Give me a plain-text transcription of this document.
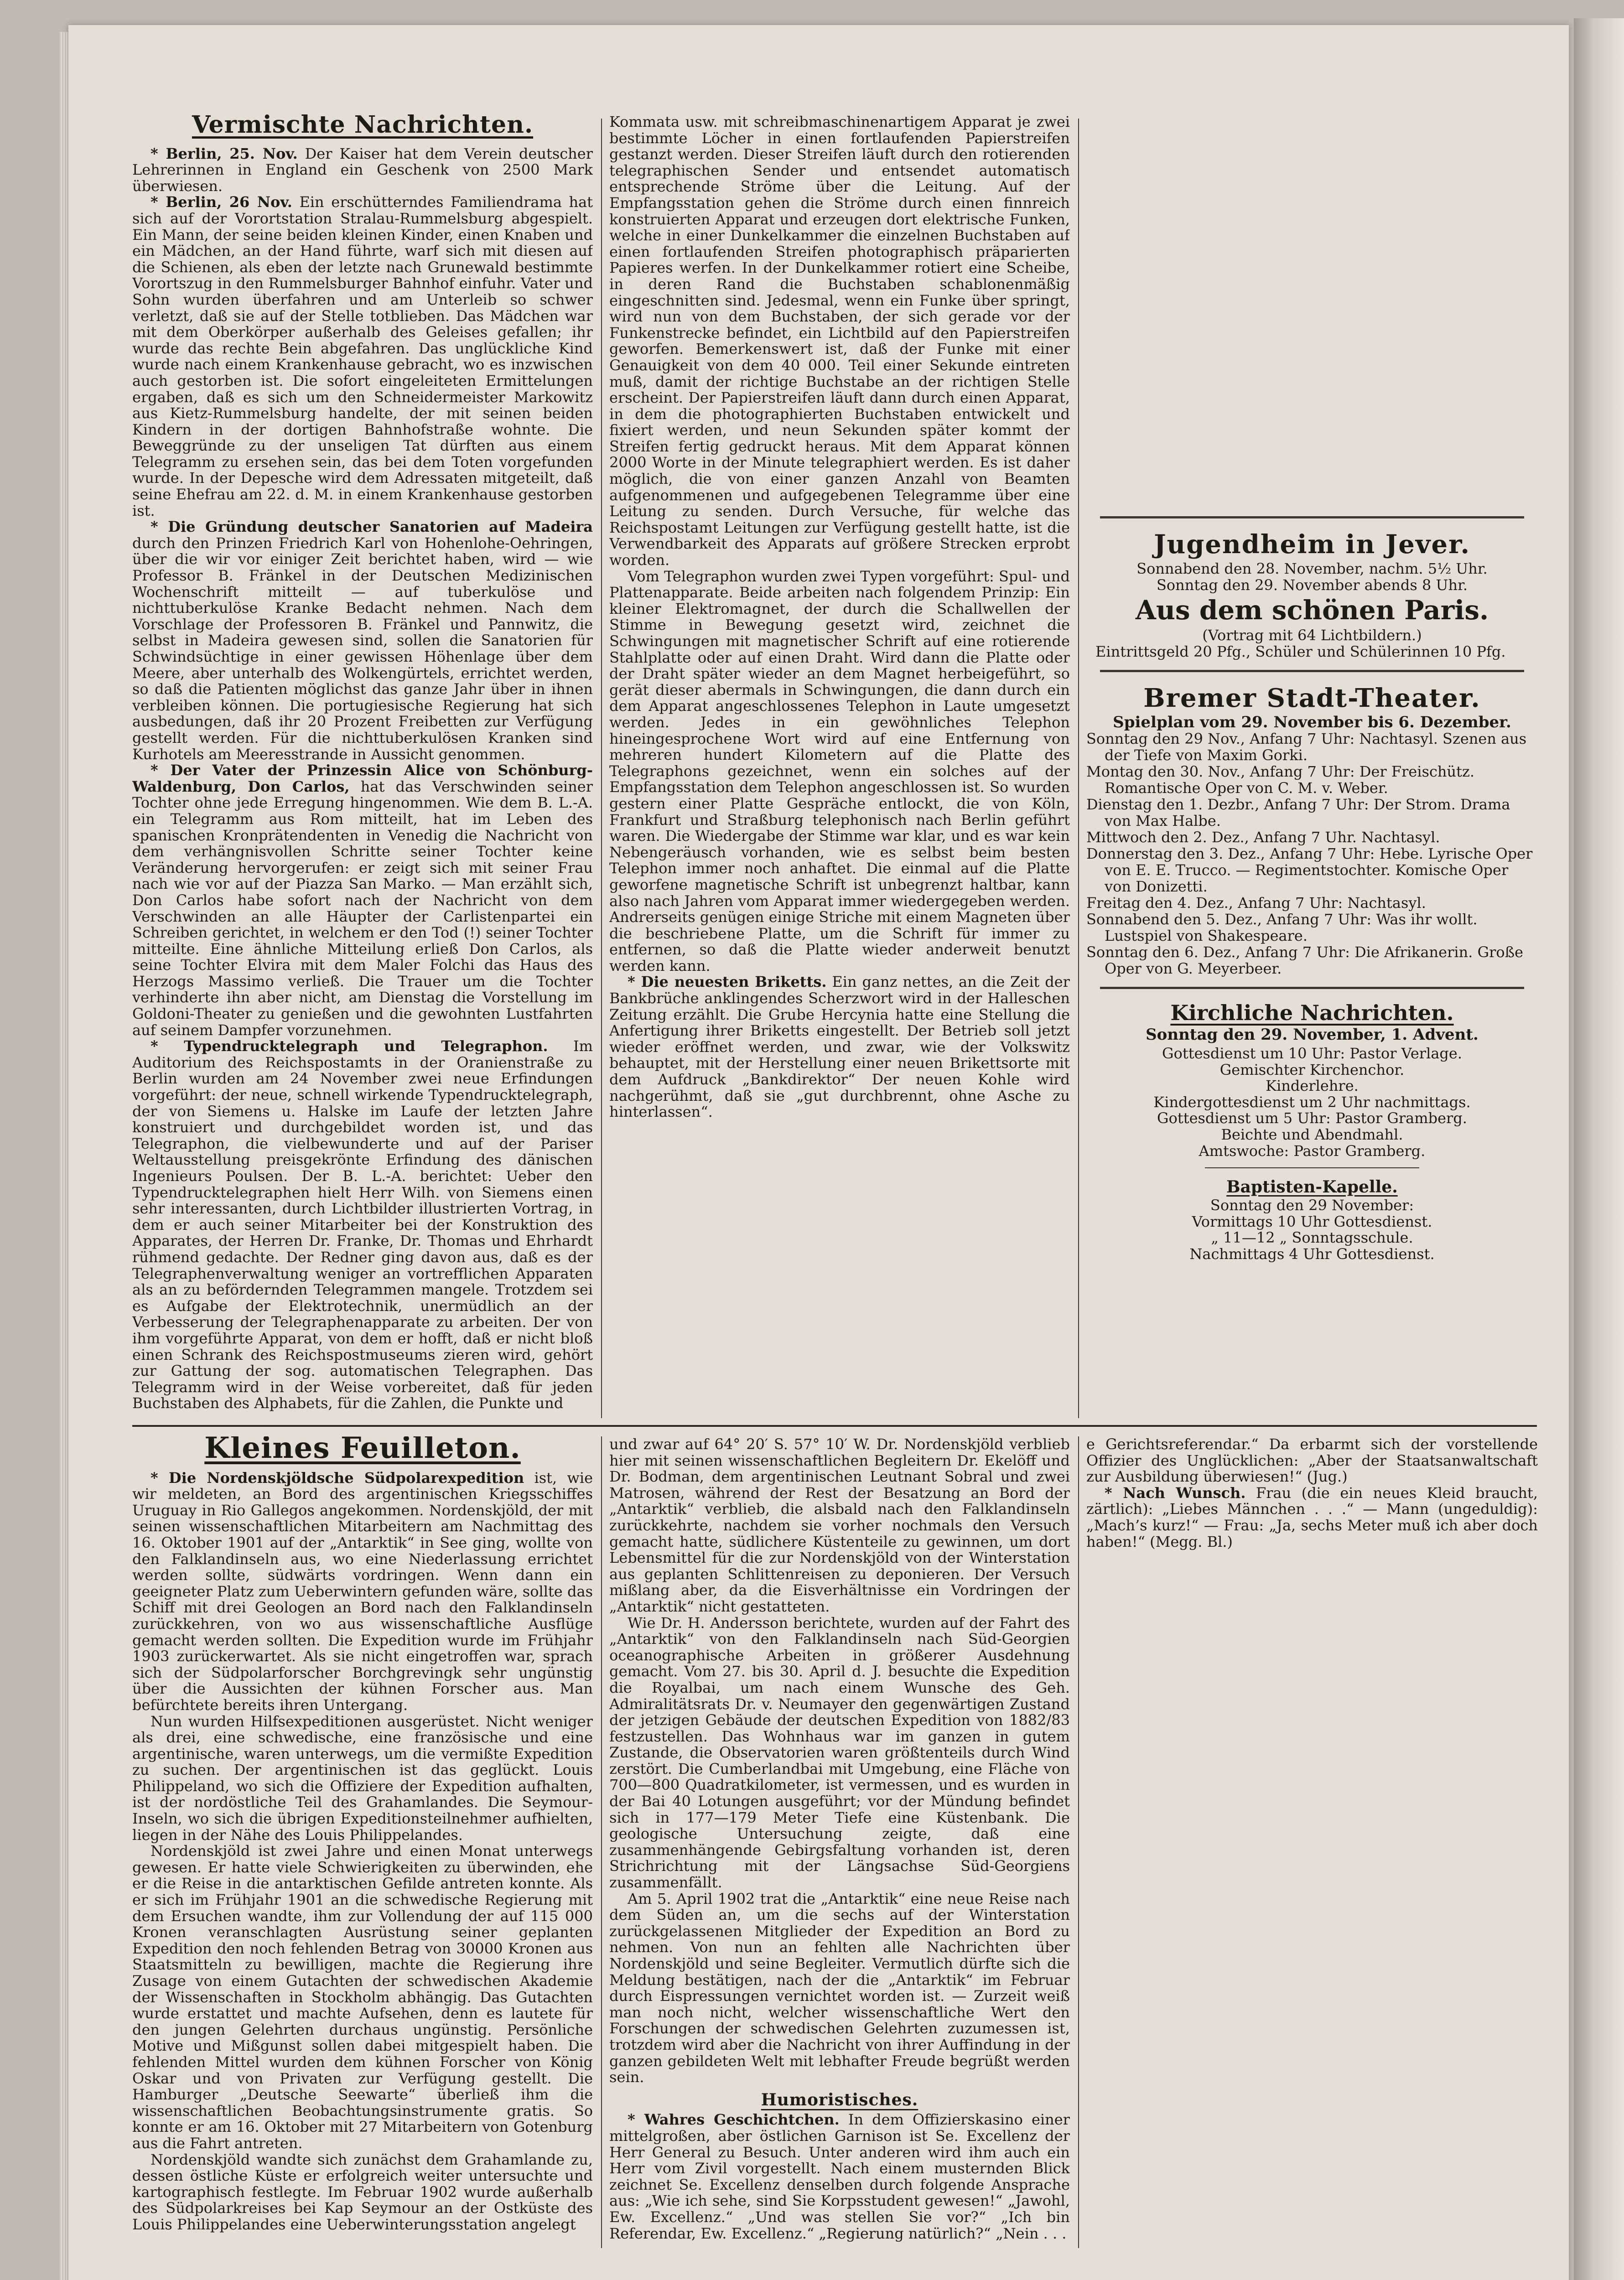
Vermischte Nachrichten.

* Berlin, 25. Nov. Der Kaiser hat dem Verein deutscher Lehrerinnen in England ein Geschenk von 2500 Mark überwiesen.

* Berlin, 26 Nov. Ein erschütterndes Familiendrama hat sich auf der Vorortstation Stralau-Rummelsburg abgespielt. Ein Mann, der seine beiden kleinen Kinder, einen Knaben und ein Mädchen, an der Hand führte, warf sich mit diesen auf die Schienen, als eben der letzte nach Grunewald bestimmte Vorortszug in den Rummelsburger Bahnhof einfuhr. Vater und Sohn wurden überfahren und am Unterleib so schwer verletzt, daß sie auf der Stelle totblieben. Das Mädchen war mit dem Oberkörper außerhalb des Geleises gefallen; ihr wurde das rechte Bein abgefahren. Das unglückliche Kind wurde nach einem Krankenhause gebracht, wo es inzwischen auch gestorben ist. Die sofort eingeleiteten Ermittelungen ergaben, daß es sich um den Schneidermeister Markowitz aus Kietz-Rummelsburg handelte, der mit seinen beiden Kindern in der dortigen Bahnhofstraße wohnte. Die Beweggründe zu der unseligen Tat dürften aus einem Telegramm zu ersehen sein, das bei dem Toten vorgefunden wurde. In der Depesche wird dem Adressaten mitgeteilt, daß seine Ehefrau am 22. d. M. in einem Krankenhause gestorben ist.

* Die Gründung deutscher Sanatorien auf Madeira durch den Prinzen Friedrich Karl von Hohenlohe-Oehringen, über die wir vor einiger Zeit berichtet haben, wird — wie Professor B. Fränkel in der Deutschen Medizinischen Wochenschrift mitteilt — auf tuberkulöse und nichttuberkulöse Kranke Bedacht nehmen. Nach dem Vorschlage der Professoren B. Fränkel und Pannwitz, die selbst in Madeira gewesen sind, sollen die Sanatorien für Schwindsüchtige in einer gewissen Höhenlage über dem Meere, aber unterhalb des Wolkengürtels, errichtet werden, so daß die Patienten möglichst das ganze Jahr über in ihnen verbleiben können. Die portugiesische Regierung hat sich ausbedungen, daß ihr 20 Prozent Freibetten zur Verfügung gestellt werden. Für die nichttuberkulösen Kranken sind Kurhotels am Meeresstrande in Aussicht genommen.

* Der Vater der Prinzessin Alice von Schönburg-Waldenburg, Don Carlos, hat das Verschwinden seiner Tochter ohne jede Erregung hingenommen. Wie dem B. L.-A. ein Telegramm aus Rom mitteilt, hat im Leben des spanischen Kronprätendenten in Venedig die Nachricht von dem verhängnisvollen Schritte seiner Tochter keine Veränderung hervorgerufen: er zeigt sich mit seiner Frau nach wie vor auf der Piazza San Marko. — Man erzählt sich, Don Carlos habe sofort nach der Nachricht von dem Verschwinden an alle Häupter der Carlistenpartei ein Schreiben gerichtet, in welchem er den Tod (!) seiner Tochter mitteilte. Eine ähnliche Mitteilung erließ Don Carlos, als seine Tochter Elvira mit dem Maler Folchi das Haus des Herzogs Massimo verließ. Die Trauer um die Tochter verhinderte ihn aber nicht, am Dienstag die Vorstellung im Goldoni-Theater zu genießen und die gewohnten Lustfahrten auf seinem Dampfer vorzunehmen.

* Typendrucktelegraph und Telegraphon. Im Auditorium des Reichspostamts in der Oranienstraße zu Berlin wurden am 24 November zwei neue Erfindungen vorgeführt: der neue, schnell wirkende Typendrucktelegraph, der von Siemens u. Halske im Laufe der letzten Jahre konstruiert und durchgebildet worden ist, und das Telegraphon, die vielbewunderte und auf der Pariser Weltausstellung preisgekrönte Erfindung des dänischen Ingenieurs Poulsen. Der B. L.-A. berichtet: Ueber den Typendrucktelegraphen hielt Herr Wilh. von Siemens einen sehr interessanten, durch Lichtbilder illustrierten Vortrag, in dem er auch seiner Mitarbeiter bei der Konstruktion des Apparates, der Herren Dr. Franke, Dr. Thomas und Ehrhardt rühmend gedachte. Der Redner ging davon aus, daß es der Telegraphenverwaltung weniger an vortrefflichen Apparaten als an zu befördernden Telegrammen mangele. Trotzdem sei es Aufgabe der Elektrotechnik, unermüdlich an der Verbesserung der Telegraphenapparate zu arbeiten. Der von ihm vorgeführte Apparat, von dem er hofft, daß er nicht bloß einen Schrank des Reichspostmuseums zieren wird, gehört zur Gattung der sog. automatischen Telegraphen. Das Telegramm wird in der Weise vorbereitet, daß für jeden Buchstaben des Alphabets, für die Zahlen, die Punkte und

Kommata usw. mit schreibmaschinenartigem Apparat je zwei bestimmte Löcher in einen fortlaufenden Papierstreifen gestanzt werden. Dieser Streifen läuft durch den rotierenden telegraphischen Sender und entsendet automatisch entsprechende Ströme über die Leitung. Auf der Empfangsstation gehen die Ströme durch einen finnreich konstruierten Apparat und erzeugen dort elektrische Funken, welche in einer Dunkelkammer die einzelnen Buchstaben auf einen fortlaufenden Streifen photographisch präparierten Papieres werfen. In der Dunkelkammer rotiert eine Scheibe, in deren Rand die Buchstaben schablonenmäßig eingeschnitten sind. Jedesmal, wenn ein Funke über springt, wird nun von dem Buchstaben, der sich gerade vor der Funkenstrecke befindet, ein Lichtbild auf den Papierstreifen geworfen. Bemerkenswert ist, daß der Funke mit einer Genauigkeit von dem 40 000. Teil einer Sekunde eintreten muß, damit der richtige Buchstabe an der richtigen Stelle erscheint. Der Papierstreifen läuft dann durch einen Apparat, in dem die photographierten Buchstaben entwickelt und fixiert werden, und neun Sekunden später kommt der Streifen fertig gedruckt heraus. Mit dem Apparat können 2000 Worte in der Minute telegraphiert werden. Es ist daher möglich, die von einer ganzen Anzahl von Beamten aufgenommenen und aufgegebenen Telegramme über eine Leitung zu senden. Durch Versuche, für welche das Reichspostamt Leitungen zur Verfügung gestellt hatte, ist die Verwendbarkeit des Apparats auf größere Strecken erprobt worden.

Vom Telegraphon wurden zwei Typen vorgeführt: Spul- und Plattenapparate. Beide arbeiten nach folgendem Prinzip: Ein kleiner Elektromagnet, der durch die Schallwellen der Stimme in Bewegung gesetzt wird, zeichnet die Schwingungen mit magnetischer Schrift auf eine rotierende Stahlplatte oder auf einen Draht. Wird dann die Platte oder der Draht später wieder an dem Magnet herbeigeführt, so gerät dieser abermals in Schwingungen, die dann durch ein dem Apparat angeschlossenes Telephon in Laute umgesetzt werden. Jedes in ein gewöhnliches Telephon hineingesprochene Wort wird auf eine Entfernung von mehreren hundert Kilometern auf die Platte des Telegraphons gezeichnet, wenn ein solches auf der Empfangsstation dem Telephon angeschlossen ist. So wurden gestern einer Platte Gespräche entlockt, die von Köln, Frankfurt und Straßburg telephonisch nach Berlin geführt waren. Die Wiedergabe der Stimme war klar, und es war kein Nebengeräusch vorhanden, wie es selbst beim besten Telephon immer noch anhaftet. Die einmal auf die Platte geworfene magnetische Schrift ist unbegrenzt haltbar, kann also nach Jahren vom Apparat immer wiedergegeben werden. Andrerseits genügen einige Striche mit einem Magneten über die beschriebene Platte, um die Schrift für immer zu entfernen, so daß die Platte wieder anderweit benutzt werden kann.

* Die neuesten Briketts. Ein ganz nettes, an die Zeit der Bankbrüche anklingendes Scherzwort wird in der Halleschen Zeitung erzählt. Die Grube Hercynia hatte eine Stellung die Anfertigung ihrer Briketts eingestellt. Der Betrieb soll jetzt wieder eröffnet werden, und zwar, wie der Volkswitz behauptet, mit der Herstellung einer neuen Brikettsorte mit dem Aufdruck „Bankdirektor“ Der neuen Kohle wird nachgerühmt, daß sie „gut durchbrennt, ohne Asche zu hinterlassen“.

Jugendheim in Jever.
Sonnabend den 28. November, nachm. 5½ Uhr.
Sonntag den 29. November abends 8 Uhr.
Aus dem schönen Paris.
(Vortrag mit 64 Lichtbildern.)
Eintrittsgeld 20 Pfg., Schüler und Schülerinnen 10 Pfg.
Bremer Stadt-Theater.
Spielplan vom 29. November bis 6. Dezember.
Sonntag den 29 Nov., Anfang 7 Uhr: Nachtasyl. Szenen aus der Tiefe von Maxim Gorki.
Montag den 30. Nov., Anfang 7 Uhr: Der Freischütz. Romantische Oper von C. M. v. Weber.
Dienstag den 1. Dezbr., Anfang 7 Uhr: Der Strom. Drama von Max Halbe.
Mittwoch den 2. Dez., Anfang 7 Uhr. Nachtasyl.
Donnerstag den 3. Dez., Anfang 7 Uhr: Hebe. Lyrische Oper von E. E. Trucco. — Regimentstochter. Komische Oper von Donizetti.
Freitag den 4. Dez., Anfang 7 Uhr: Nachtasyl.
Sonnabend den 5. Dez., Anfang 7 Uhr: Was ihr wollt. Lustspiel von Shakespeare.
Sonntag den 6. Dez., Anfang 7 Uhr: Die Afrikanerin. Große Oper von G. Meyerbeer.
Kirchliche Nachrichten.
Sonntag den 29. November, 1. Advent.
Gottesdienst um 10 Uhr: Pastor Verlage.
Gemischter Kirchenchor.
Kinderlehre.
Kindergottesdienst um 2 Uhr nachmittags.
Gottesdienst um 5 Uhr: Pastor Gramberg.
Beichte und Abendmahl.
Amtswoche: Pastor Gramberg.
Baptisten-Kapelle.
Sonntag den 29 November:
Vormittags 10 Uhr Gottesdienst.
„ 11—12 „ Sonntagsschule.
Nachmittags 4 Uhr Gottesdienst.
Kleines Feuilleton.

* Die Nordenskjöldsche Südpolarexpedition ist, wie wir meldeten, an Bord des argentinischen Kriegsschiffes Uruguay in Rio Gallegos angekommen. Nordenskjöld, der mit seinen wissenschaftlichen Mitarbeitern am Nachmittag des 16. Oktober 1901 auf der „Antarktik“ in See ging, wollte von den Falklandinseln aus, wo eine Niederlassung errichtet werden sollte, südwärts vordringen. Wenn dann ein geeigneter Platz zum Ueberwintern gefunden wäre, sollte das Schiff mit drei Geologen an Bord nach den Falklandinseln zurückkehren, von wo aus wissenschaftliche Ausflüge gemacht werden sollten. Die Expedition wurde im Frühjahr 1903 zurückerwartet. Als sie nicht eingetroffen war, sprach sich der Südpolarforscher Borchgrevingk sehr ungünstig über die Aussichten der kühnen Forscher aus. Man befürchtete bereits ihren Untergang.

Nun wurden Hilfsexpeditionen ausgerüstet. Nicht weniger als drei, eine schwedische, eine französische und eine argentinische, waren unterwegs, um die vermißte Expedition zu suchen. Der argentinischen ist das geglückt. Louis Philippeland, wo sich die Offiziere der Expedition aufhalten, ist der nordöstliche Teil des Grahamlandes. Die Seymour-Inseln, wo sich die übrigen Expeditionsteilnehmer aufhielten, liegen in der Nähe des Louis Philippelandes.

Nordenskjöld ist zwei Jahre und einen Monat unterwegs gewesen. Er hatte viele Schwierigkeiten zu überwinden, ehe er die Reise in die antarktischen Gefilde antreten konnte. Als er sich im Frühjahr 1901 an die schwedische Regierung mit dem Ersuchen wandte, ihm zur Vollendung der auf 115 000 Kronen veranschlagten Ausrüstung seiner geplanten Expedition den noch fehlenden Betrag von 30000 Kronen aus Staatsmitteln zu bewilligen, machte die Regierung ihre Zusage von einem Gutachten der schwedischen Akademie der Wissenschaften in Stockholm abhängig. Das Gutachten wurde erstattet und machte Aufsehen, denn es lautete für den jungen Gelehrten durchaus ungünstig. Persönliche Motive und Mißgunst sollen dabei mitgespielt haben. Die fehlenden Mittel wurden dem kühnen Forscher von König Oskar und von Privaten zur Verfügung gestellt. Die Hamburger „Deutsche Seewarte“ überließ ihm die wissenschaftlichen Beobachtungsinstrumente gratis. So konnte er am 16. Oktober mit 27 Mitarbeitern von Gotenburg aus die Fahrt antreten.

Nordenskjöld wandte sich zunächst dem Grahamlande zu, dessen östliche Küste er erfolgreich weiter untersuchte und kartographisch festlegte. Im Februar 1902 wurde außerhalb des Südpolarkreises bei Kap Seymour an der Ostküste des Louis Philippelandes eine Ueberwinterungsstation angelegt

und zwar auf 64° 20′ S. 57° 10′ W. Dr. Nordenskjöld verblieb hier mit seinen wissenschaftlichen Begleitern Dr. Ekelöff und Dr. Bodman, dem argentinischen Leutnant Sobral und zwei Matrosen, während der Rest der Besatzung an Bord der „Antarktik“ verblieb, die alsbald nach den Falklandinseln zurückkehrte, nachdem sie vorher nochmals den Versuch gemacht hatte, südlichere Küstenteile zu gewinnen, um dort Lebensmittel für die zur Nordenskjöld von der Winterstation aus geplanten Schlittenreisen zu deponieren. Der Versuch mißlang aber, da die Eisverhältnisse ein Vordringen der „Antarktik“ nicht gestatteten.

Wie Dr. H. Andersson berichtete, wurden auf der Fahrt des „Antarktik“ von den Falklandinseln nach Süd-Georgien oceanographische Arbeiten in größerer Ausdehnung gemacht. Vom 27. bis 30. April d. J. besuchte die Expedition die Royalbai, um nach einem Wunsche des Geh. Admiralitätsrats Dr. v. Neumayer den gegenwärtigen Zustand der jetzigen Gebäude der deutschen Expedition von 1882/83 festzustellen. Das Wohnhaus war im ganzen in gutem Zustande, die Observatorien waren größtenteils durch Wind zerstört. Die Cumberlandbai mit Umgebung, eine Fläche von 700—800 Quadratkilometer, ist vermessen, und es wurden in der Bai 40 Lotungen ausgeführt; vor der Mündung befindet sich in 177—179 Meter Tiefe eine Küstenbank. Die geologische Untersuchung zeigte, daß eine zusammenhängende Gebirgsfaltung vorhanden ist, deren Strichrichtung mit der Längsachse Süd-Georgiens zusammenfällt.

Am 5. April 1902 trat die „Antarktik“ eine neue Reise nach dem Süden an, um die sechs auf der Winterstation zurückgelassenen Mitglieder der Expedition an Bord zu nehmen. Von nun an fehlten alle Nachrichten über Nordenskjöld und seine Begleiter. Vermutlich dürfte sich die Meldung bestätigen, nach der die „Antarktik“ im Februar durch Eispressungen vernichtet worden ist. — Zurzeit weiß man noch nicht, welcher wissenschaftliche Wert den Forschungen der schwedischen Gelehrten zuzumessen ist, trotzdem wird aber die Nachricht von ihrer Auffindung in der ganzen gebildeten Welt mit lebhafter Freude begrüßt werden sein.

Humoristisches.

* Wahres Geschichtchen. In dem Offizierskasino einer mittelgroßen, aber östlichen Garnison ist Se. Excellenz der Herr General zu Besuch. Unter anderen wird ihm auch ein Herr vom Zivil vorgestellt. Nach einem musternden Blick zeichnet Se. Excellenz denselben durch folgende Ansprache aus: „Wie ich sehe, sind Sie Korpsstudent gewesen!“ „Jawohl, Ew. Excellenz.“ „Und was stellen Sie vor?“ „Ich bin Referendar, Ew. Excellenz.“ „Regierung natürlich?“ „Nein . . .

e Gerichtsreferendar.“ Da erbarmt sich der vorstellende Offizier des Unglücklichen: „Aber der Staatsanwaltschaft zur Ausbildung überwiesen!“ (Jug.)

* Nach Wunsch. Frau (die ein neues Kleid braucht, zärtlich): „Liebes Männchen . . .“ — Mann (ungeduldig): „Mach’s kurz!“ — Frau: „Ja, sechs Meter muß ich aber doch haben!“ (Megg. Bl.)
